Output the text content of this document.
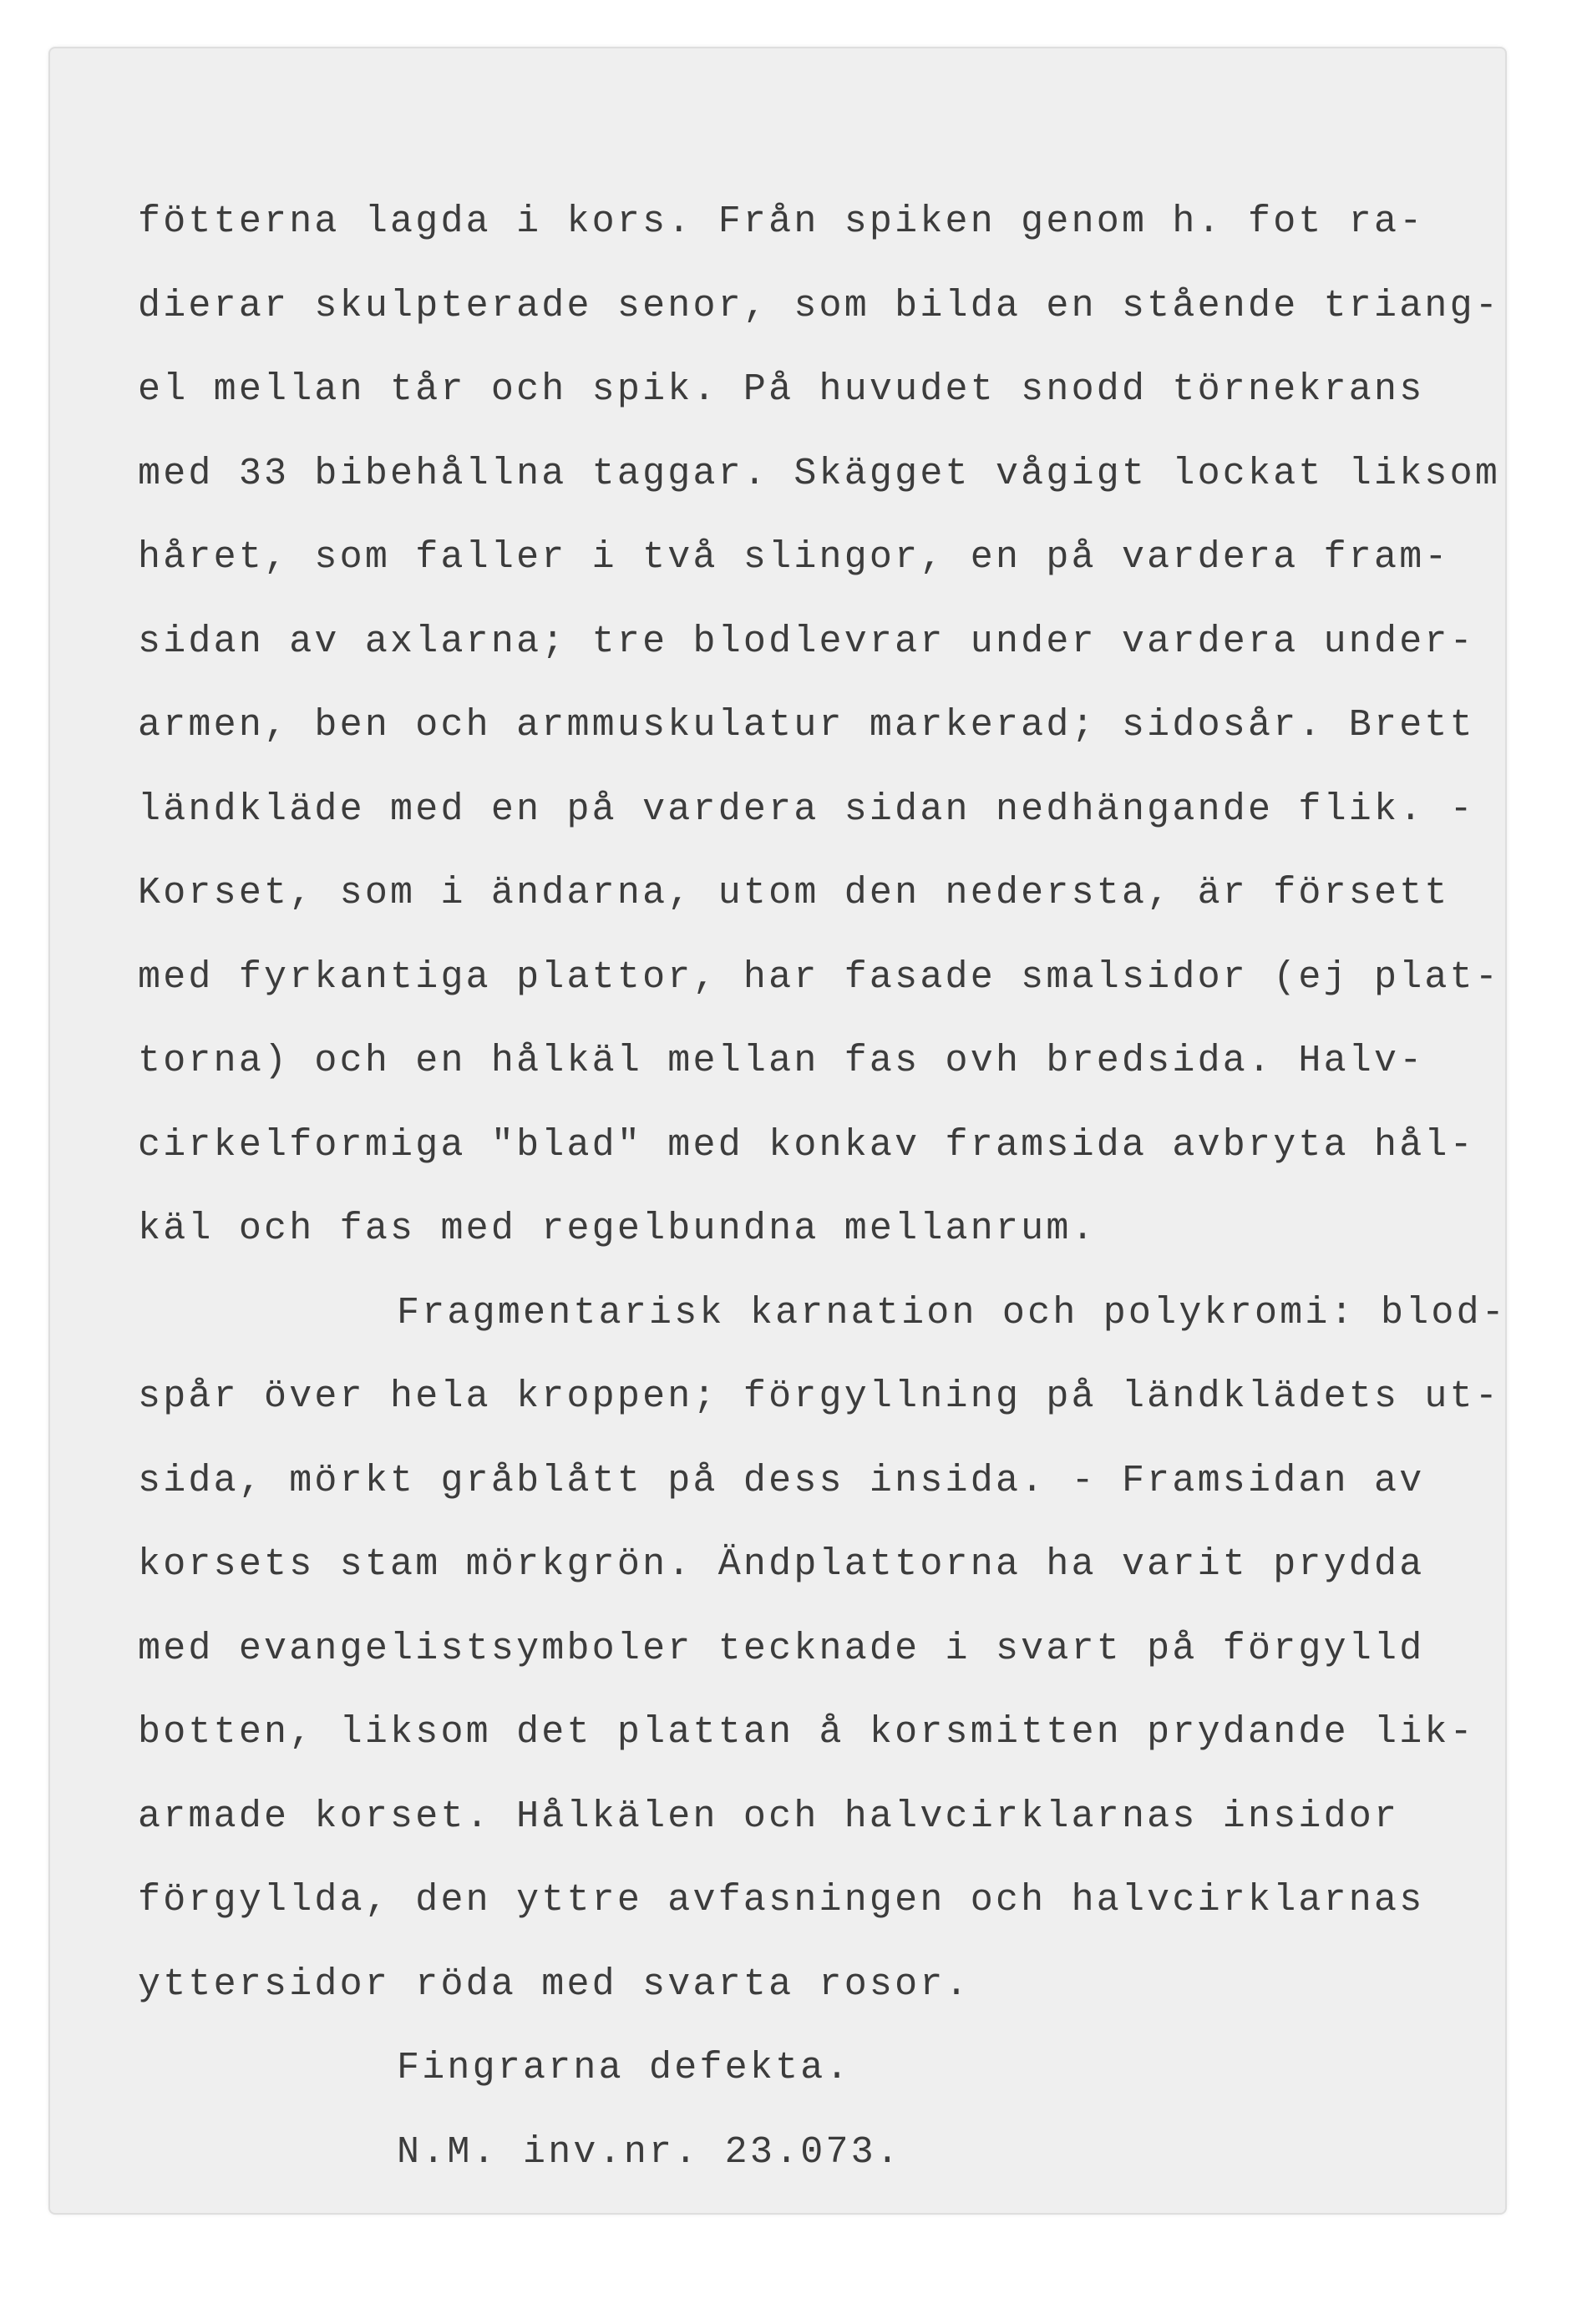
fötterna lagda i kors. Från spiken genom h. fot ra-
dierar skulpterade senor, som bilda en stående triang-
el mellan tår och spik. På huvudet snodd törnekrans
med 33 bibehållna taggar. Skägget vågigt lockat liksom
håret, som faller i två slingor, en på vardera fram-
sidan av axlarna; tre blodlevrar under vardera under-
armen, ben och armmuskulatur markerad; sidosår. Brett
ländkläde med en på vardera sidan nedhängande flik. -
Korset, som i ändarna, utom den nedersta, är försett
med fyrkantiga plattor, har fasade smalsidor (ej plat-
torna) och en hålkäl mellan fas ovh bredsida. Halv-
cirkelformiga "blad" med konkav framsida avbryta hål-
käl och fas med regelbundna mellanrum.
Fragmentarisk karnation och polykromi: blod-
spår över hela kroppen; förgyllning på ländklädets ut-
sida, mörkt gråblått på dess insida. - Framsidan av
korsets stam mörkgrön. Ändplattorna ha varit prydda
med evangelistsymboler tecknade i svart på förgylld
botten, liksom det plattan å korsmitten prydande lik-
armade korset. Hålkälen och halvcirklarnas insidor
förgyllda, den yttre avfasningen och halvcirklarnas
yttersidor röda med svarta rosor.
Fingrarna defekta.
N.M. inv.nr. 23.073.
